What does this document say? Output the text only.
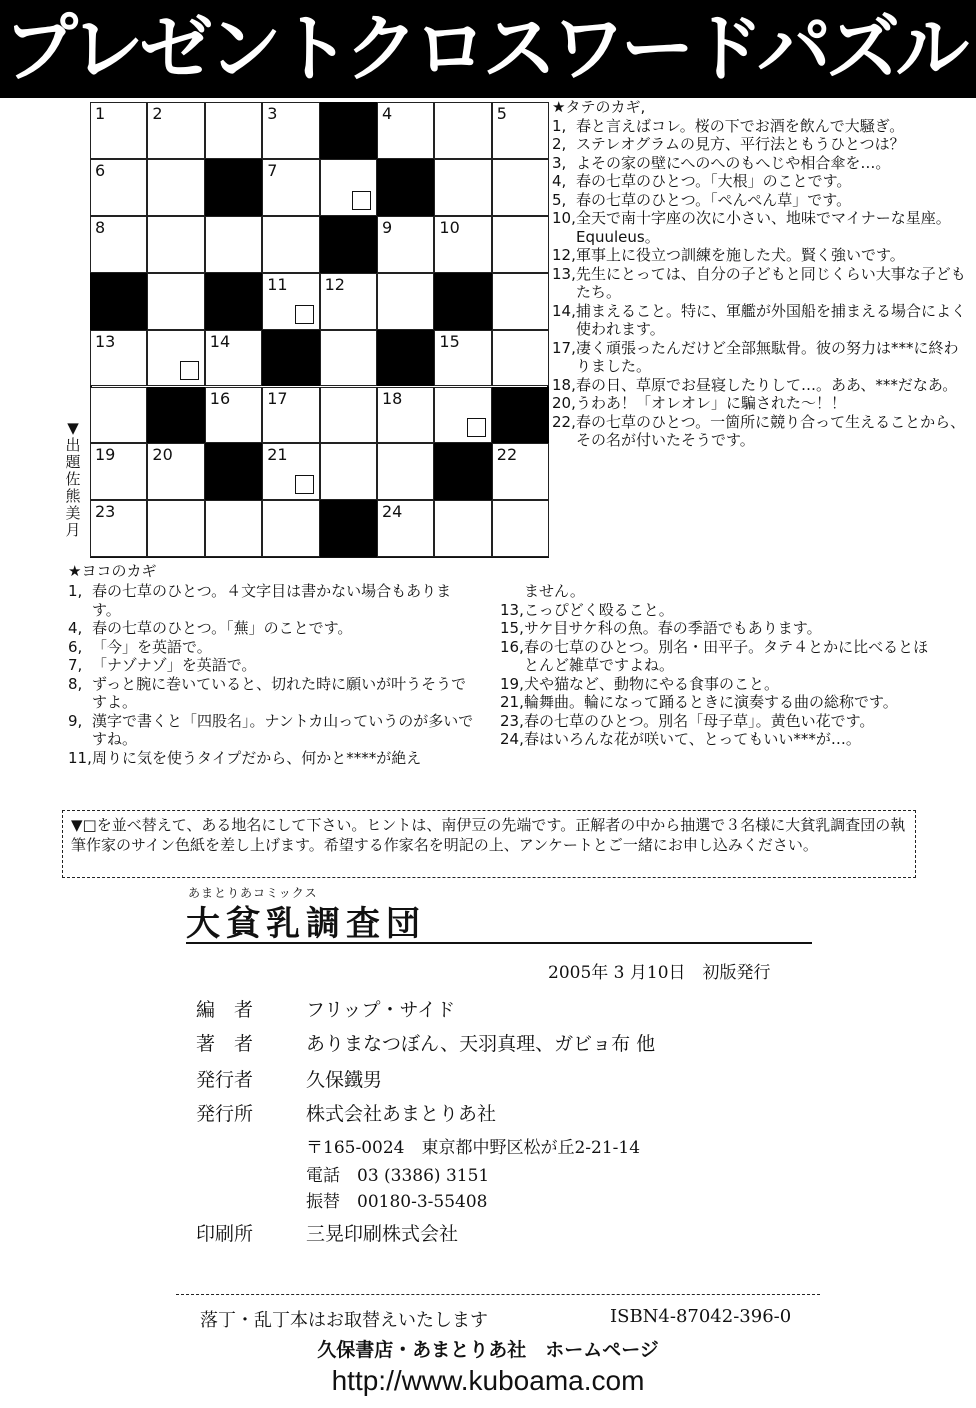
プレゼントクロスワードパズル
1	2	3	4	5
6	7
8	9	10
11 12
13	14	15
16 17	18
19 20	21	22
23	24
▼出題 佐熊美月
★タテのカギ,
1, 春と言えばコレ。桜の下でお酒を飲んで大騒ぎ。
2, ステレオグラムの見方、平行法ともうひとつは？
3, よその家の壁にへのへのもへじや相合傘を…。
4, 春の七草のひとつ。「大根」のことです。
5, 春の七草のひとつ。「ぺんぺん草」です。
10, 全天で南十字座の次に小さい、地味でマイナーな星座。Equuleus。
12, 軍事上に役立つ訓練を施した犬。賢く強いです。
13, 先生にとっては、自分の子どもと同じくらい大事な子どもたち。
14, 捕まえること。特に、軍艦が外国船を捕まえる場合によく使われます。
17, 凄く頑張ったんだけど全部無駄骨。彼の努力は***に終わりました。
18, 春の日、草原でお昼寝したりして…。ああ、***だなあ。
20, うわあ！「オレオレ」に騙された～！！
22, 春の七草のひとつ。一箇所に競り合って生えることから、その名が付いたそうです。
★ヨコのカギ
1, 春の七草のひとつ。４文字目は書かない場合もあります。
4, 春の七草のひとつ。「蕪」のことです。
6, 「今」を英語で。
7, 「ナゾナゾ」を英語で。
8, ずっと腕に巻いていると、切れた時に願いが叶うそうですよ。
9, 漢字で書くと「四股名」。ナントカ山っていうのが多いですね。
11, 周りに気を使うタイプだから、何かと****が絶え
ません。
13, こっぴどく殴ること。
15, サケ目サケ科の魚。春の季語でもあります。
16, 春の七草のひとつ。別名・田平子。タテ４とかに比べるとほとんど雑草ですよね。
19, 犬や猫など、動物にやる食事のこと。
21, 輪舞曲。輪になって踊るときに演奏する曲の総称です。
23, 春の七草のひとつ。別名「母子草」。黄色い花です。
24, 春はいろんな花が咲いて、とってもいい***が…。
▼□を並べ替えて、ある地名にして下さい。ヒントは、南伊豆の先端です。正解者の中から抽選で３名様に大貧乳調査団の執筆作家のサイン色紙を差し上げます。希望する作家名を明記の上、アンケートとご一緒にお申し込みください。
あまとりあコミックス
大貧乳調査団
2005年 3 月10日　初版発行
編　者	フリップ・サイド
著　者	ありまなつぼん、天羽真理、ガビョ布 他
発行者	久保鐵男
発行所	株式会社あまとりあ社
〒165-0024　東京都中野区松が丘2-21-14
電話　03 (3386) 3151
振替　00180-3-55408
印刷所	三晃印刷株式会社
落丁・乱丁本はお取替えいたします	ISBN4-87042-396-0
久保書店・あまとりあ社　ホームページ
http://www.kuboama.com
